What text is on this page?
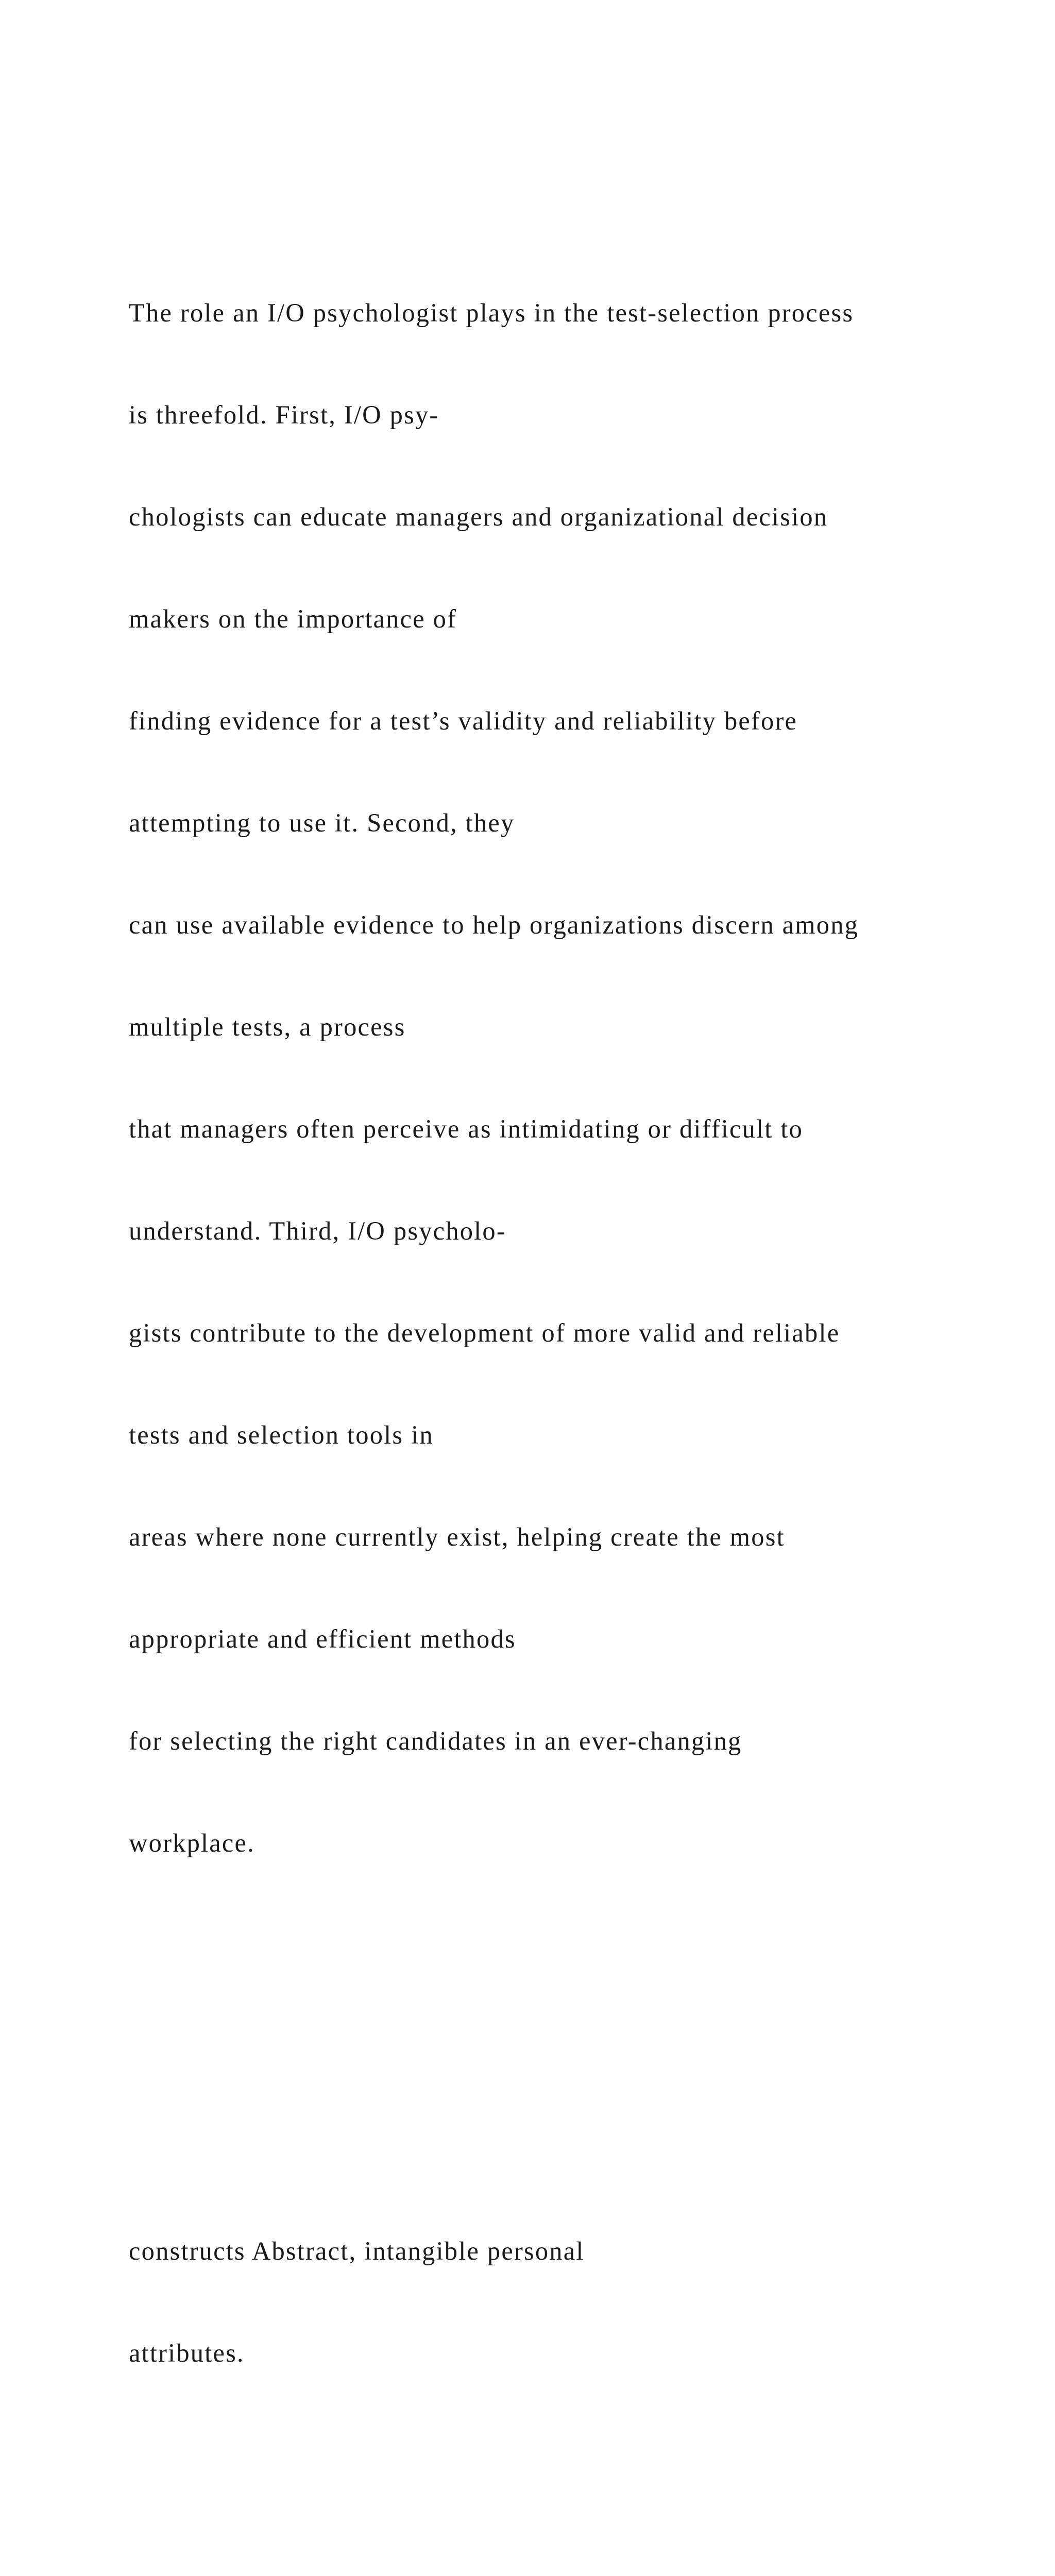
The role an I/O psychologist plays in the test-selection process

is threefold. First, I/O psy-

chologists can educate managers and organizational decision

makers on the importance of

finding evidence for a test’s validity and reliability before

attempting to use it. Second, they

can use available evidence to help organizations discern among

multiple tests, a process

that managers often perceive as intimidating or difficult to

understand. Third, I/O psycholo-

gists contribute to the development of more valid and reliable

tests and selection tools in

areas where none currently exist, helping create the most

appropriate and efficient methods

for selecting the right candidates in an ever-changing

workplace.

constructs Abstract, intangible personal

attributes.
